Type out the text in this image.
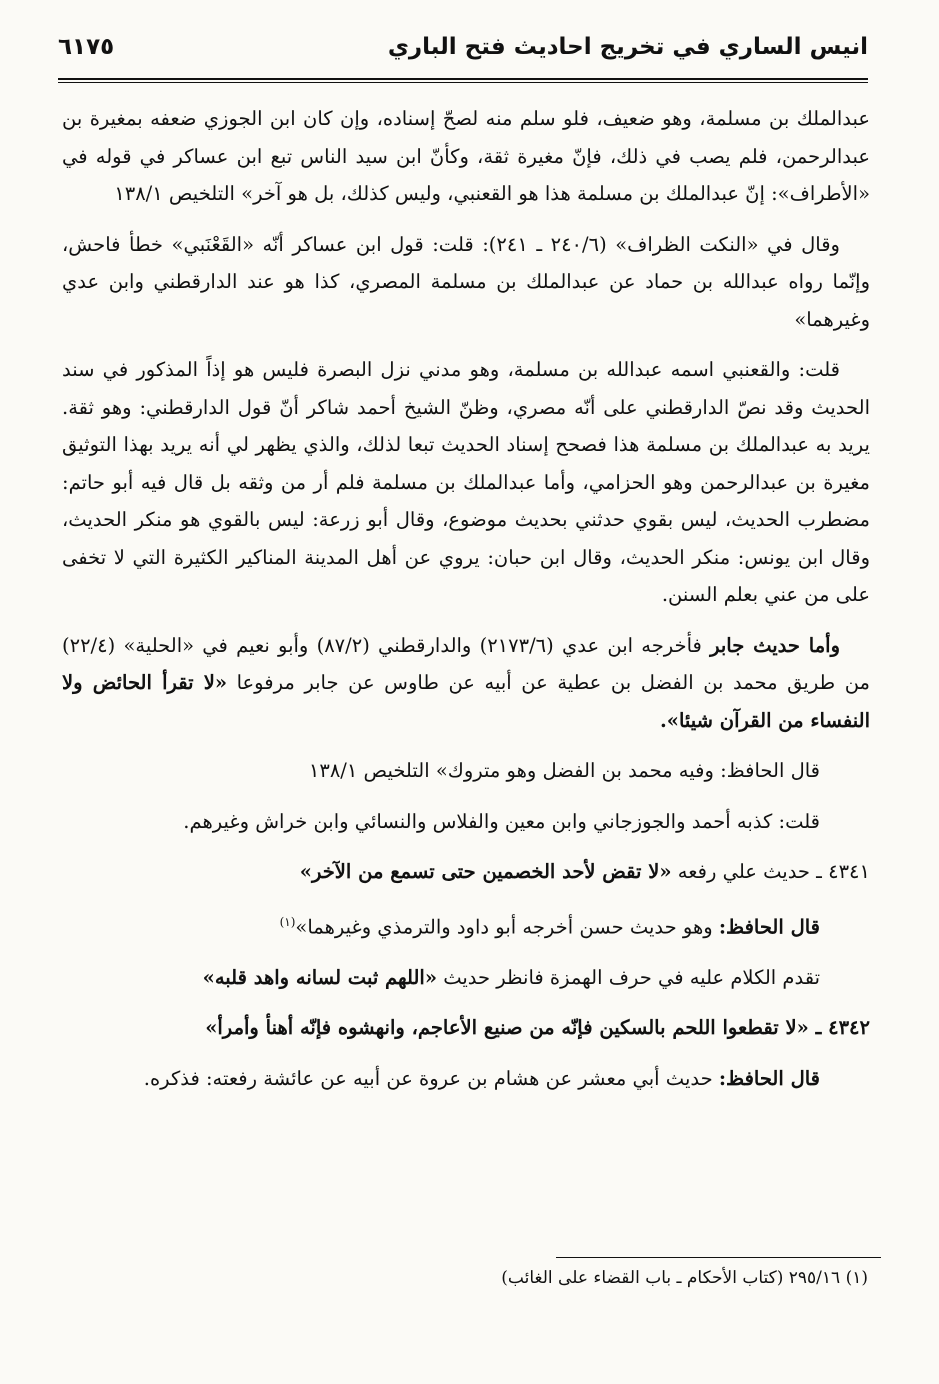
انيس الساري في تخريج احاديث فتح الباري
٦١٧٥

عبدالملك بن مسلمة، وهو ضعيف، فلو سلم منه لصحّ إسناده، وإن كان ابن الجوزي ضعفه بمغيرة بن عبدالرحمن، فلم يصب في ذلك، فإنّ مغيرة ثقة، وكأنّ ابن سيد الناس تبع ابن عساكر في قوله في «الأطراف»: إنّ عبدالملك بن مسلمة هذا هو القعنبي، وليس كذلك، بل هو آخر» التلخيص ١٣٨/١

وقال في «النكت الظراف» (٢٤٠/٦ ـ ٢٤١): قلت: قول ابن عساكر أنّه «القَعْنَبي» خطأ فاحش، وإنّما رواه عبدالله بن حماد عن عبدالملك بن مسلمة المصري، كذا هو عند الدارقطني وابن عدي وغيرهما»

قلت: والقعنبي اسمه عبدالله بن مسلمة، وهو مدني نزل البصرة فليس هو إذاً المذكور في سند الحديث وقد نصّ الدارقطني على أنّه مصري، وظنّ الشيخ أحمد شاكر أنّ قول الدارقطني: وهو ثقة. يريد به عبدالملك بن مسلمة هذا فصحح إسناد الحديث تبعا لذلك، والذي يظهر لي أنه يريد بهذا التوثيق مغيرة بن عبدالرحمن وهو الحزامي، وأما عبدالملك بن مسلمة فلم أر من وثقه بل قال فيه أبو حاتم: مضطرب الحديث، ليس بقوي حدثني بحديث موضوع، وقال أبو زرعة: ليس بالقوي هو منكر الحديث، وقال ابن يونس: منكر الحديث، وقال ابن حبان: يروي عن أهل المدينة المناكير الكثيرة التي لا تخفى على من عني بعلم السنن.

وأما حديث جابر فأخرجه ابن عدي (٢١٧٣/٦) والدارقطني (٨٧/٢) وأبو نعيم في «الحلية» (٢٢/٤) من طريق محمد بن الفضل بن عطية عن أبيه عن طاوس عن جابر مرفوعا «لا تقرأ الحائض ولا النفساء من القرآن شيئا».

قال الحافظ: وفيه محمد بن الفضل وهو متروك» التلخيص ١٣٨/١

قلت: كذبه أحمد والجوزجاني وابن معين والفلاس والنسائي وابن خراش وغيرهم.

٤٣٤١ ـ حديث علي رفعه «لا تقض لأحد الخصمين حتى تسمع من الآخر»

قال الحافظ: وهو حديث حسن أخرجه أبو داود والترمذي وغيرهما»$^{(١)}$

تقدم الكلام عليه في حرف الهمزة فانظر حديث «اللهم ثبت لسانه واهد قلبه»

٤٣٤٢ ـ «لا تقطعوا اللحم بالسكين فإنّه من صنيع الأعاجم، وانهشوه فإنّه أهنأ وأمرأ»

قال الحافظ: حديث أبي معشر عن هشام بن عروة عن أبيه عن عائشة رفعته: فذكره.

(١) ٢٩٥/١٦ (كتاب الأحكام ـ باب القضاء على الغائب)
